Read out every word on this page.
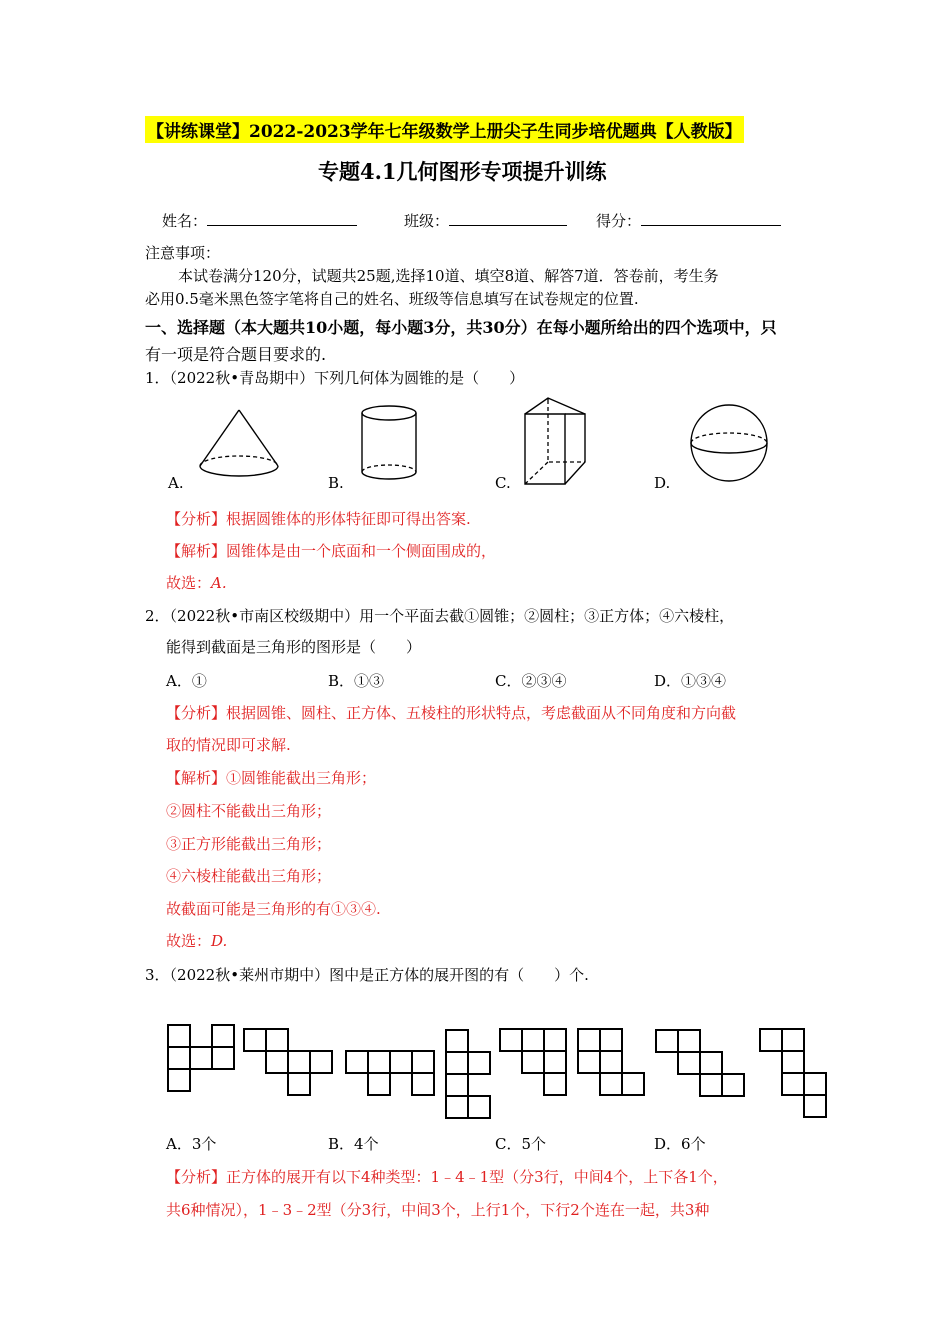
【讲练课堂】2022-2023学年七年级数学上册尖子生同步培优题典【人教版】
专题4.1几何图形专项提升训练
姓名：	班级：	得分：
注意事项：
本试卷满分120分，试题共25题,选择10道、填空8道、解答7道．答卷前，考生务
必用0.5毫米黑色签字笔将自己的姓名、班级等信息填写在试卷规定的位置.
一、选择题（本大题共10小题，每小题3分，共30分）在每小题所给出的四个选项中，只
有一项是符合题目要求的.
1．（2022秋•青岛期中）下列几何体为圆锥的是（　　）
A.	B.	C.	D.
【分析】根据圆锥体的形体特征即可得出答案.
【解析】圆锥体是由一个底面和一个侧面围成的，
故选：A.
2．（2022秋•市南区校级期中）用一个平面去截①圆锥；②圆柱；③正方体；④六棱柱，
能得到截面是三角形的图形是（　　）
A．①	B．①③	C．②③④	D．①③④
【分析】根据圆锥、圆柱、正方体、五棱柱的形状特点，考虑截面从不同角度和方向截
取的情况即可求解.
【解析】①圆锥能截出三角形；
②圆柱不能截出三角形；
③正方形能截出三角形；
④六棱柱能截出三角形；
故截面可能是三角形的有①③④.
故选：D.
3．（2022秋•莱州市期中）图中是正方体的展开图的有（　　）个.
A．3个	B．4个	C．5个	D．6个
【分析】正方体的展开有以下4种类型：1﹣4﹣1型（分3行，中间4个，上下各1个，
共6种情况），1﹣3﹣2型（分3行，中间3个，上行1个，下行2个连在一起，共3种
